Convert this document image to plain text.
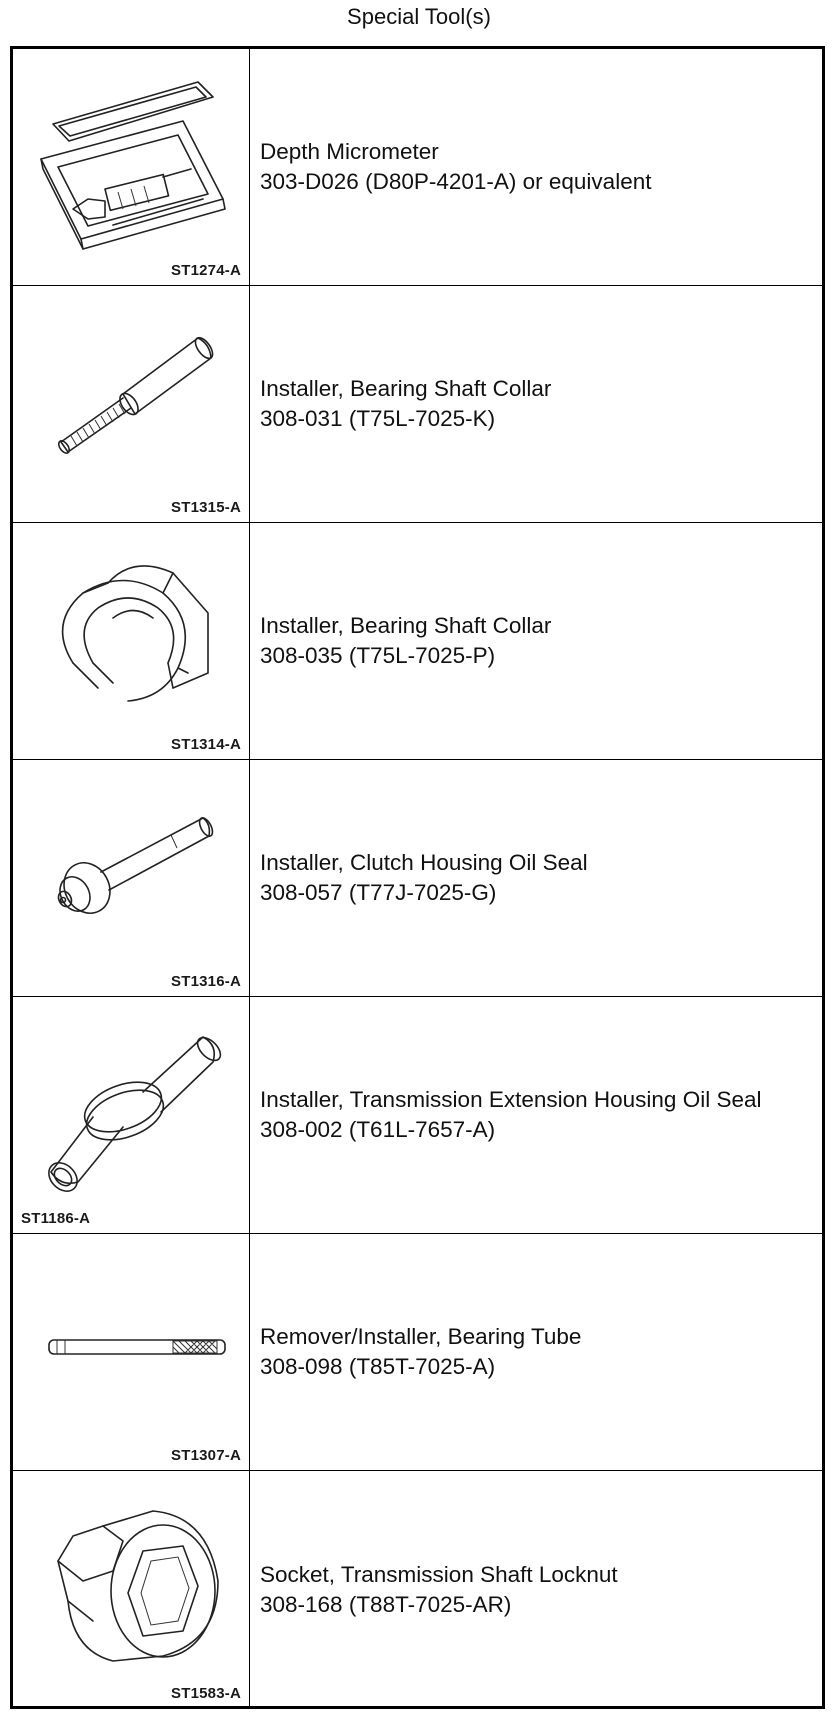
Special Tool(s)
ST1274-A
Depth Micrometer
303-D026 (D80P-4201-A) or equivalent
ST1315-A
Installer, Bearing Shaft Collar
308-031 (T75L-7025-K)
ST1314-A
Installer, Bearing Shaft Collar
308-035 (T75L-7025-P)
ST1316-A
Installer, Clutch Housing Oil Seal
308-057 (T77J-7025-G)
ST1186-A
Installer, Transmission Extension Housing Oil Seal
308-002 (T61L-7657-A)
ST1307-A
Remover/Installer, Bearing Tube
308-098 (T85T-7025-A)
ST1583-A
Socket, Transmission Shaft Locknut
308-168 (T88T-7025-AR)
